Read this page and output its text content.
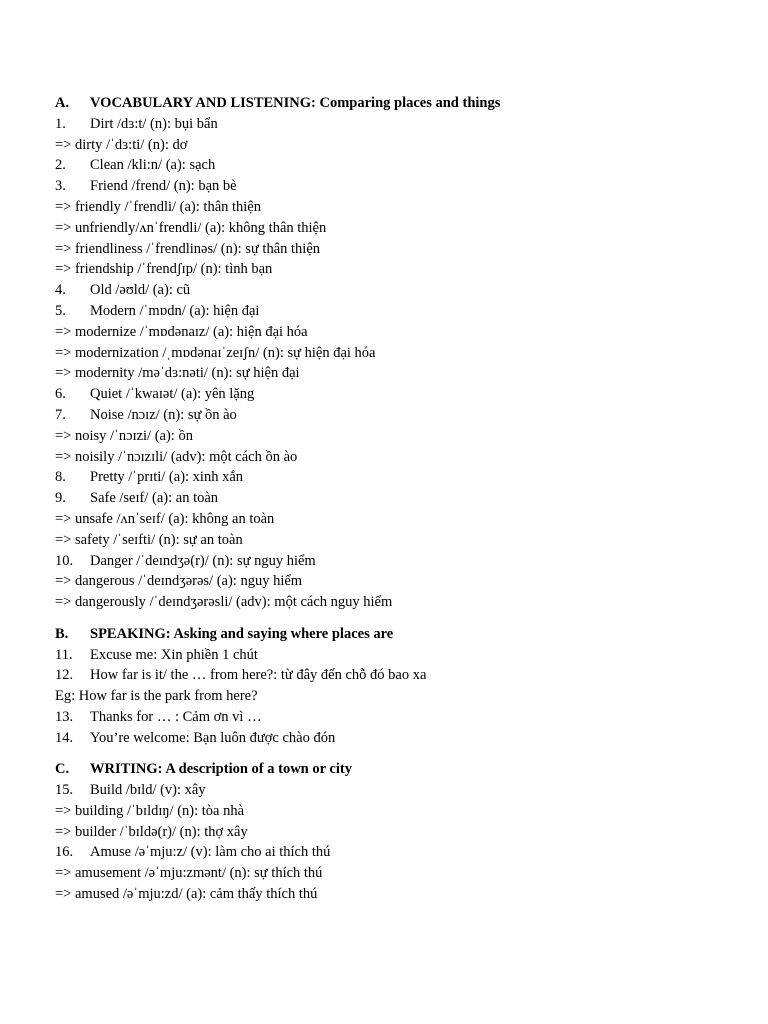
A. VOCABULARY AND LISTENING: Comparing places and things
1. Dirt /dɜ:t/ (n): bụi bẩn
=> dirty /ˈdɜ:ti/ (n): dơ
2. Clean /kli:n/ (a): sạch
3. Friend /frend/ (n): bạn bè
=> friendly /ˈfrendli/ (a): thân thiện
=> unfriendly/ʌnˈfrendli/ (a): không thân thiện
=> friendliness /ˈfrendlinəs/ (n): sự thân thiện
=> friendship /ˈfrendʃɪp/ (n): tình bạn
4. Old /əʊld/ (a): cũ
5. Modern /ˈmɒdn/ (a): hiện đại
=> modernize /ˈmɒdənaɪz/ (a): hiện đại hóa
=> modernization /ˌmɒdənaɪˈzeɪʃn/ (n): sự hiện đại hóa
=> modernity /məˈdɜ:nəti/ (n): sự hiện đại
6. Quiet /ˈkwaɪət/ (a): yên lặng
7. Noise /nɔɪz/ (n): sự ồn ào
=> noisy /ˈnɔɪzi/ (a): ồn
=> noisily /ˈnɔɪzɪli/ (adv): một cách ồn ào
8. Pretty /ˈprɪti/ (a): xinh xắn
9. Safe /seɪf/ (a): an toàn
=> unsafe /ʌnˈseɪf/ (a): không an toàn
=> safety /ˈseɪfti/ (n): sự an toàn
10. Danger /ˈdeɪndʒə(r)/ (n): sự nguy hiểm
=> dangerous /ˈdeɪndʒərəs/ (a): nguy hiểm
=> dangerously /ˈdeɪndʒərəsli/ (adv): một cách nguy hiểm
B. SPEAKING: Asking and saying where places are
11. Excuse me: Xin phiền 1 chút
12. How far is it/ the … from here?: từ đây đến chỗ đó bao xa
Eg: How far is the park from here?
13. Thanks for … : Cảm ơn vì …
14. You’re welcome: Bạn luôn được chào đón
C. WRITING: A description of a town or city
15. Build /bɪld/ (v): xây
=> building /ˈbɪldɪŋ/ (n): tòa nhà
=> builder /ˈbɪldə(r)/ (n): thợ xây
16. Amuse /əˈmju:z/ (v): làm cho ai thích thú
=> amusement /əˈmju:zmənt/ (n): sự thích thú
=> amused /əˈmju:zd/ (a): cảm thấy thích thú
